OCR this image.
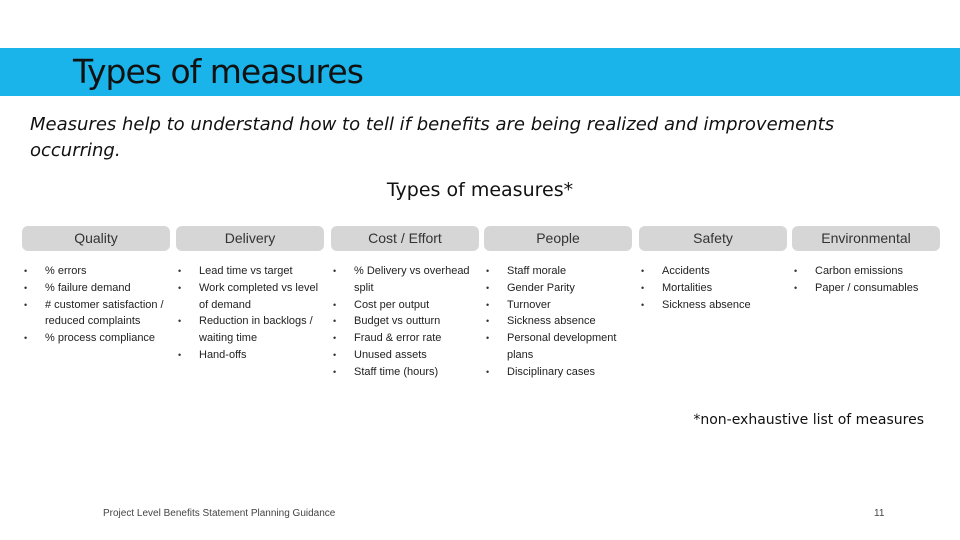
Types of measures

Measures help to understand how to tell if benefits are being realized and improvements occurring.

Types of measures*
Quality
• % errors
• % failure demand
• # customer satisfaction / reduced complaints
• % process compliance
Delivery
• Lead time vs target
• Work completed vs level of demand
• Reduction in backlogs / waiting time
• Hand-offs
Cost / Effort
• % Delivery vs overhead split
• Cost per output
• Budget vs outturn
• Fraud & error rate
• Unused assets
• Staff time (hours)
People
• Staff morale
• Gender Parity
• Turnover
• Sickness absence
• Personal development plans
• Disciplinary cases
Safety
• Accidents
• Mortalities
• Sickness absence
Environmental
• Carbon emissions
• Paper / consumables
*non-exhaustive list of measures
Project Level Benefits Statement Planning Guidance	11
